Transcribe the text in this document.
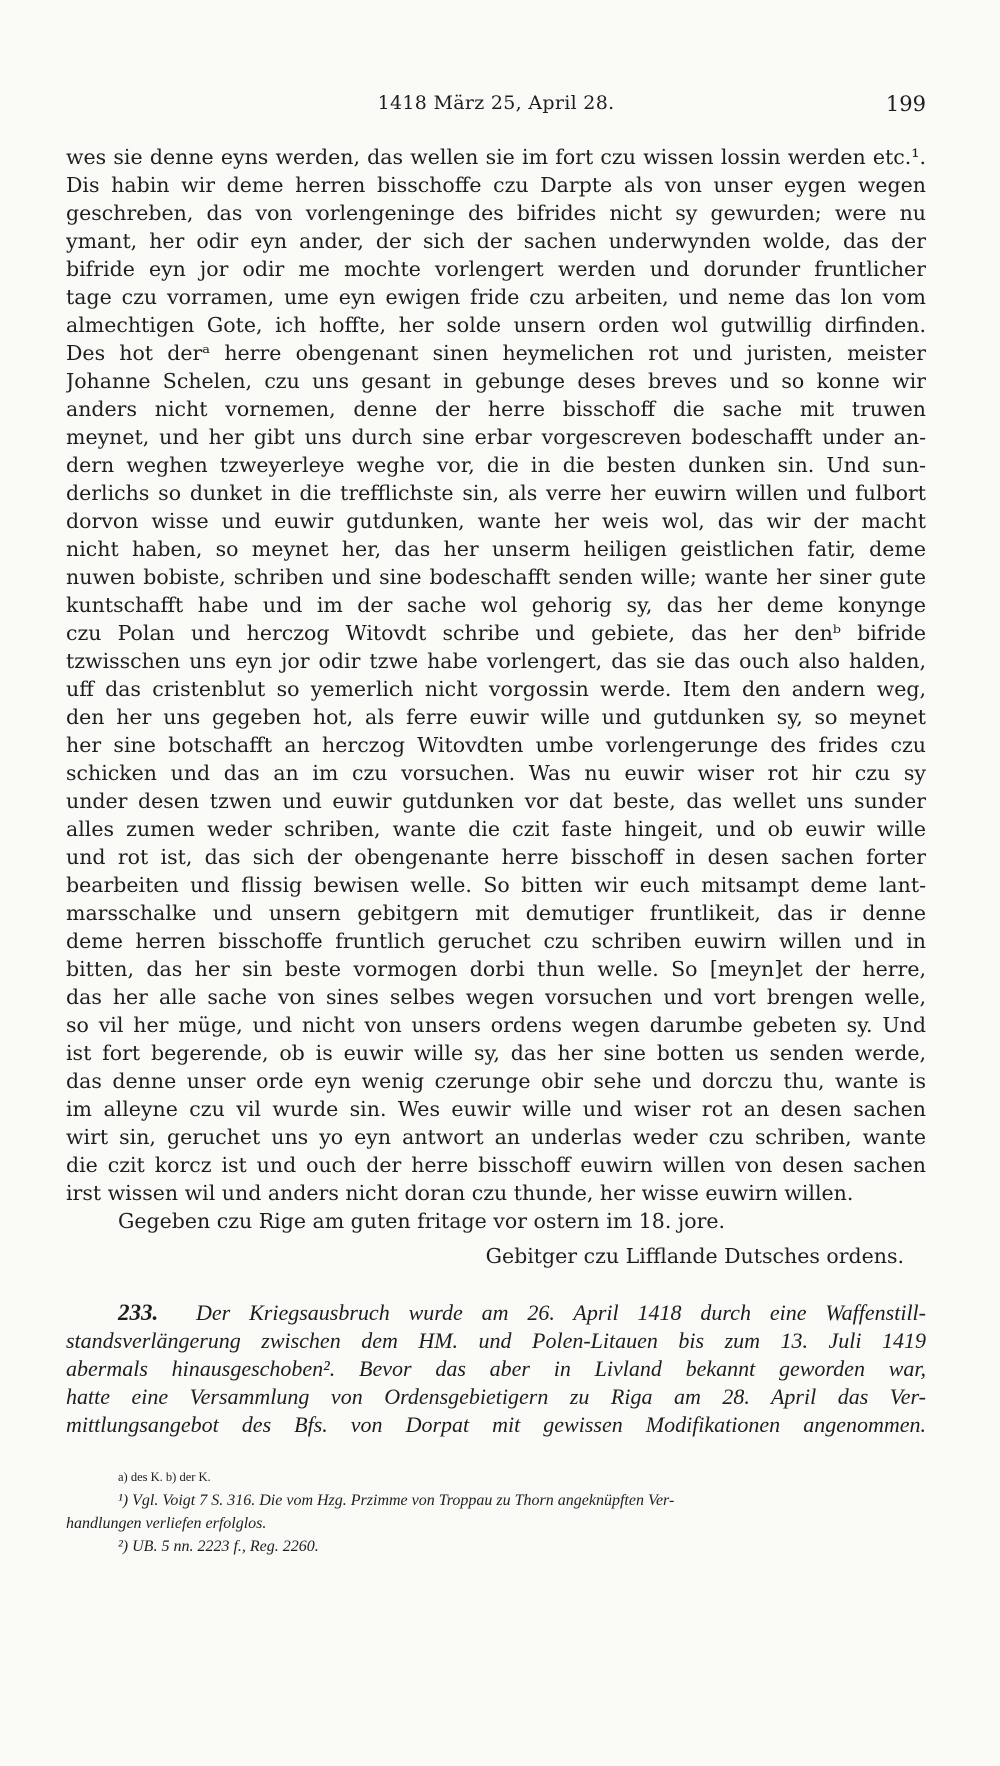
1418 März 25, April 28.	199
wes sie denne eyns werden, das wellen sie im fort czu wissen lossin werden etc.¹.
Dis habin wir deme herren bisschoffe czu Darpte als von unser eygen wegen
geschreben, das von vorlengeninge des bifrides nicht sy gewurden; were nu
ymant, her odir eyn ander, der sich der sachen underwynden wolde, das der
bifride eyn jor odir me mochte vorlengert werden und dorunder fruntlicher
tage czu vorramen, ume eyn ewigen fride czu arbeiten, und neme das lon vom
almechtigen Gote, ich hoffte, her solde unsern orden wol gutwillig dirfinden.
Des hot derᵃ herre obengenant sinen heymelichen rot und juristen, meister
Johanne Schelen, czu uns gesant in gebunge deses breves und so konne wir
anders nicht vornemen, denne der herre bisschoff die sache mit truwen
meynet, und her gibt uns durch sine erbar vorgescreven bodeschafft under an-
dern weghen tzweyerleye weghe vor, die in die besten dunken sin. Und sun-
derlichs so dunket in die trefflichste sin, als verre her euwirn willen und fulbort
dorvon wisse und euwir gutdunken, wante her weis wol, das wir der macht
nicht haben, so meynet her, das her unserm heiligen geistlichen fatir, deme
nuwen bobiste, schriben und sine bodeschafft senden wille; wante her siner gute
kuntschafft habe und im der sache wol gehorig sy, das her deme konynge
czu Polan und herczog Witovdt schribe und gebiete, das her denᵇ bifride
tzwisschen uns eyn jor odir tzwe habe vorlengert, das sie das ouch also halden,
uff das cristenblut so yemerlich nicht vorgossin werde. Item den andern weg,
den her uns gegeben hot, als ferre euwir wille und gutdunken sy, so meynet
her sine botschafft an herczog Witovdten umbe vorlengerunge des frides czu
schicken und das an im czu vorsuchen. Was nu euwir wiser rot hir czu sy
under desen tzwen und euwir gutdunken vor dat beste, das wellet uns sunder
alles zumen weder schriben, wante die czit faste hingeit, und ob euwir wille
und rot ist, das sich der obengenante herre bisschoff in desen sachen forter
bearbeiten und flissig bewisen welle. So bitten wir euch mitsampt deme lant-
marsschalke und unsern gebitgern mit demutiger fruntlikeit, das ir denne
deme herren bisschoffe fruntlich geruchet czu schriben euwirn willen und in
bitten, das her sin beste vormogen dorbi thun welle. So [meyn]et der herre,
das her alle sache von sines selbes wegen vorsuchen und vort brengen welle,
so vil her müge, und nicht von unsers ordens wegen darumbe gebeten sy. Und
ist fort begerende, ob is euwir wille sy, das her sine botten us senden werde,
das denne unser orde eyn wenig czerunge obir sehe und dorczu thu, wante is
im alleyne czu vil wurde sin. Wes euwir wille und wiser rot an desen sachen
wirt sin, geruchet uns yo eyn antwort an underlas weder czu schriben, wante
die czit korcz ist und ouch der herre bisschoff euwirn willen von desen sachen
irst wissen wil und anders nicht doran czu thunde, her wisse euwirn willen.
Gegeben czu Rige am guten fritage vor ostern im 18. jore.
Gebitger czu Lifflande Dutsches ordens.
233. Der Kriegsausbruch wurde am 26. April 1418 durch eine Waffenstill-
standsverlängerung zwischen dem HM. und Polen-Litauen bis zum 13. Juli 1419
abermals hinausgeschoben². Bevor das aber in Livland bekannt geworden war,
hatte eine Versammlung von Ordensgebietigern zu Riga am 28. April das Ver-
mittlungsangebot des Bfs. von Dorpat mit gewissen Modifikationen angenommen.
a) des K. b) der K.
¹) Vgl. Voigt 7 S. 316. Die vom Hzg. Przimme von Troppau zu Thorn angeknüpften Ver-
handlungen verliefen erfolglos.
²) UB. 5 nn. 2223 f., Reg. 2260.
